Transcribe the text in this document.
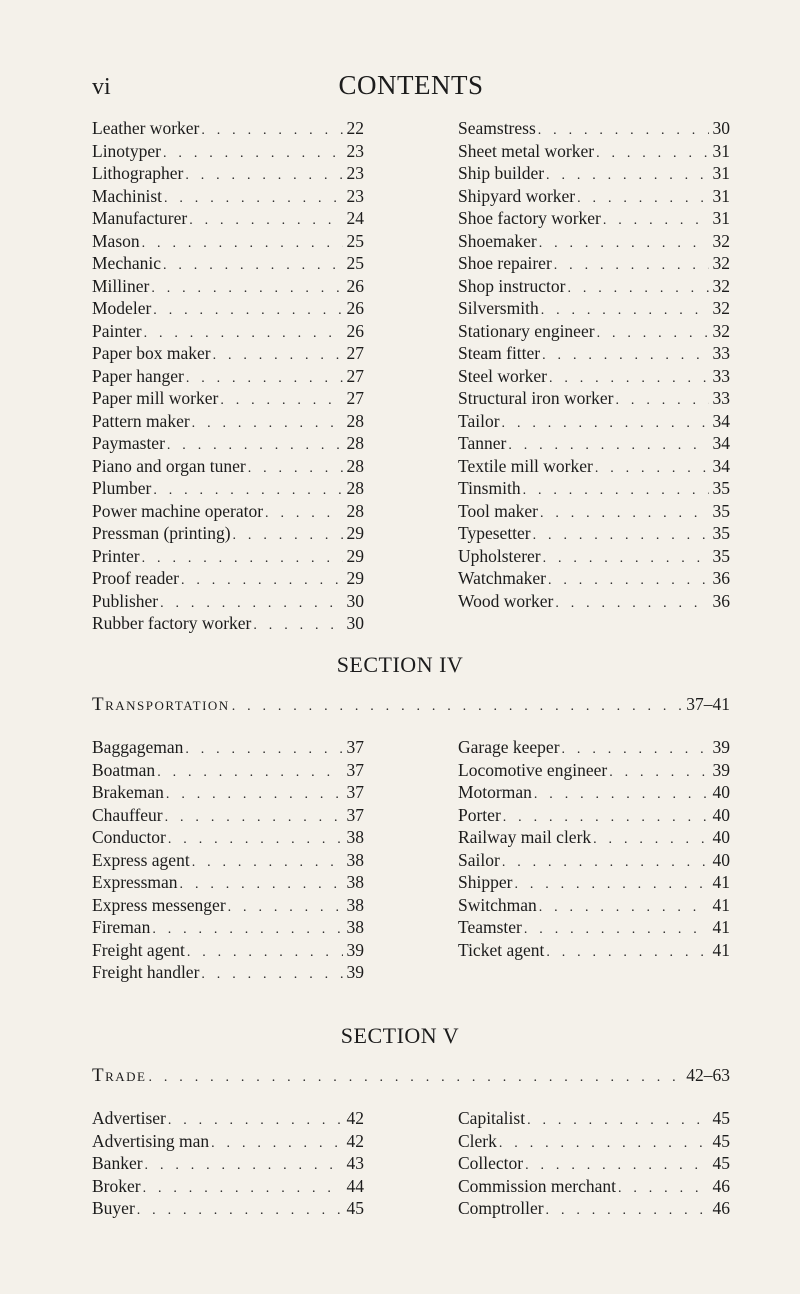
vi	CONTENTS
Leather worker . . .	22
Linotyper . . .	23
Lithographer . . .	23
Machinist . . .	23
Manufacturer . . .	24
Mason . . .	25
Mechanic . . .	25
Milliner . . .	26
Modeler . . .	26
Painter . . .	26
Paper box maker . . .	27
Paper hanger . . .	27
Paper mill worker . . .	27
Pattern maker . . .	28
Paymaster . . .	28
Piano and organ tuner . . .	28
Plumber . . .	28
Power machine operator . . .	28
Pressman (printing) . . .	29
Printer . . .	29
Proof reader . . .	29
Publisher . . .	30
Rubber factory worker . . .	30
Seamstress . . .	30
Sheet metal worker . . .	31
Ship builder . . .	31
Shipyard worker . . .	31
Shoe factory worker . . .	31
Shoemaker . . .	32
Shoe repairer . . .	32
Shop instructor . . .	32
Silversmith . . .	32
Stationary engineer . . .	32
Steam fitter . . .	33
Steel worker . . .	33
Structural iron worker . . .	33
Tailor . . .	34
Tanner . . .	34
Textile mill worker . . .	34
Tinsmith . . .	35
Tool maker . . .	35
Typesetter . . .	35
Upholsterer . . .	35
Watchmaker . . .	36
Wood worker . . .	36
SECTION IV
Transportation . . .	37–41
Baggageman . . .	37
Boatman . . .	37
Brakeman . . .	37
Chauffeur . . .	37
Conductor . . .	38
Express agent . . .	38
Expressman . . .	38
Express messenger . . .	38
Fireman . . .	38
Freight agent . . .	39
Freight handler . . .	39
Garage keeper . . .	39
Locomotive engineer . . .	39
Motorman . . .	40
Porter . . .	40
Railway mail clerk . . .	40
Sailor . . .	40
Shipper . . .	41
Switchman . . .	41
Teamster . . .	41
Ticket agent . . .	41
SECTION V
Trade . . .	42–63
Advertiser . . .	42
Advertising man . . .	42
Banker . . .	43
Broker . . .	44
Buyer . . .	45
Capitalist . . .	45
Clerk . . .	45
Collector . . .	45
Commission merchant . . .	46
Comptroller . . .	46
